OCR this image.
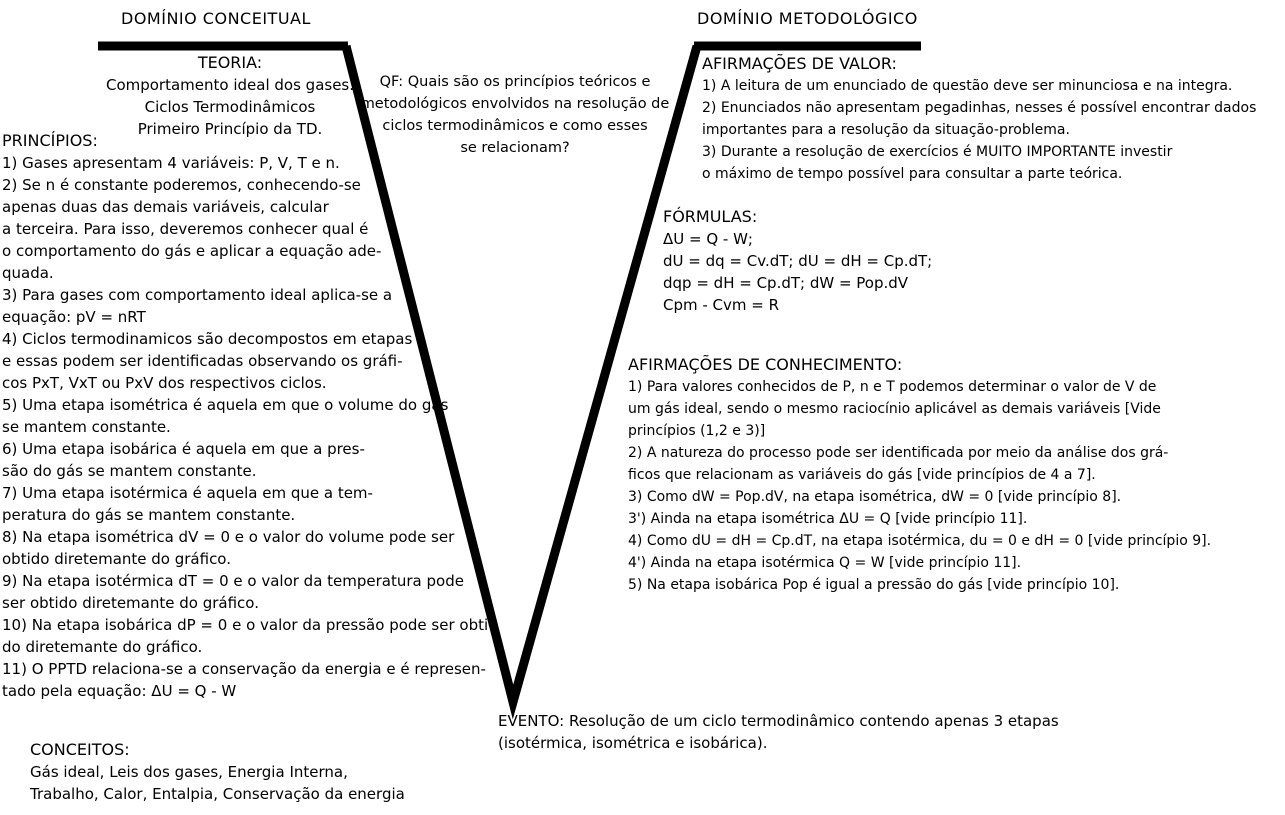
DOMÍNIO CONCEITUAL	DOMÍNIO METODOLÓGICO
TEORIA:
Comportamento ideal dos gases.
Ciclos Termodinâmicos
Primeiro Princípio da TD.
PRINCÍPIOS:
1) Gases apresentam 4 variáveis: P, V, T e n.
2) Se n é constante poderemos, conhecendo-se
apenas duas das demais variáveis, calcular
a terceira. Para isso, deveremos conhecer qual é
o comportamento do gás e aplicar a equação ade-
quada.
3) Para gases com comportamento ideal aplica-se a
equação: pV = nRT
4) Ciclos termodinamicos são decompostos em etapas
e essas podem ser identificadas observando os gráfi-
cos PxT, VxT ou PxV dos respectivos ciclos.
5) Uma etapa isométrica é aquela em que o volume do gás
se mantem constante.
6) Uma etapa isobárica é aquela em que a pres-
são do gás se mantem constante.
7) Uma etapa isotérmica é aquela em que a tem-
peratura do gás se mantem constante.
8) Na etapa isométrica dV = 0 e o valor do volume pode ser
obtido diretemante do gráfico.
9) Na etapa isotérmica dT = 0 e o valor da temperatura pode
ser obtido diretemante do gráfico.
10) Na etapa isobárica dP = 0 e o valor da pressão pode ser obti-
do diretemante do gráfico.
11) O PPTD relaciona-se a conservação da energia e é represen-
tado pela equação: ΔU = Q - W
CONCEITOS:
Gás ideal, Leis dos gases, Energia Interna,
Trabalho, Calor, Entalpia, Conservação da energia
QF: Quais são os princípios teóricos e
metodológicos envolvidos na resolução de
ciclos termodinâmicos e como esses
se relacionam?
AFIRMAÇÕES DE VALOR:
1) A leitura de um enunciado de questão deve ser minunciosa e na integra.
2) Enunciados não apresentam pegadinhas, nesses é possível encontrar dados
importantes para a resolução da situação-problema.
3) Durante a resolução de exercícios é MUITO IMPORTANTE investir
o máximo de tempo possível para consultar a parte teórica.
FÓRMULAS:
ΔU = Q - W;
dU = dq = Cv.dT; dU = dH = Cp.dT;
dqp = dH = Cp.dT; dW = Pop.dV
Cpm - Cvm = R
AFIRMAÇÕES DE CONHECIMENTO:
1) Para valores conhecidos de P, n e T podemos determinar o valor de V de
um gás ideal, sendo o mesmo raciocínio aplicável as demais variáveis [Vide
princípios (1,2 e 3)]
2) A natureza do processo pode ser identificada por meio da análise dos grá-
ficos que relacionam as variáveis do gás [vide princípios de 4 a 7].
3) Como dW = Pop.dV, na etapa isométrica, dW = 0 [vide princípio 8].
3') Ainda na etapa isométrica ΔU = Q [vide princípio 11].
4) Como dU = dH = Cp.dT, na etapa isotérmica, du = 0 e dH = 0 [vide princípio 9].
4') Ainda na etapa isotérmica Q = W [vide princípio 11].
5) Na etapa isobárica Pop é igual a pressão do gás [vide princípio 10].
EVENTO: Resolução de um ciclo termodinâmico contendo apenas 3 etapas
(isotérmica, isométrica e isobárica).
